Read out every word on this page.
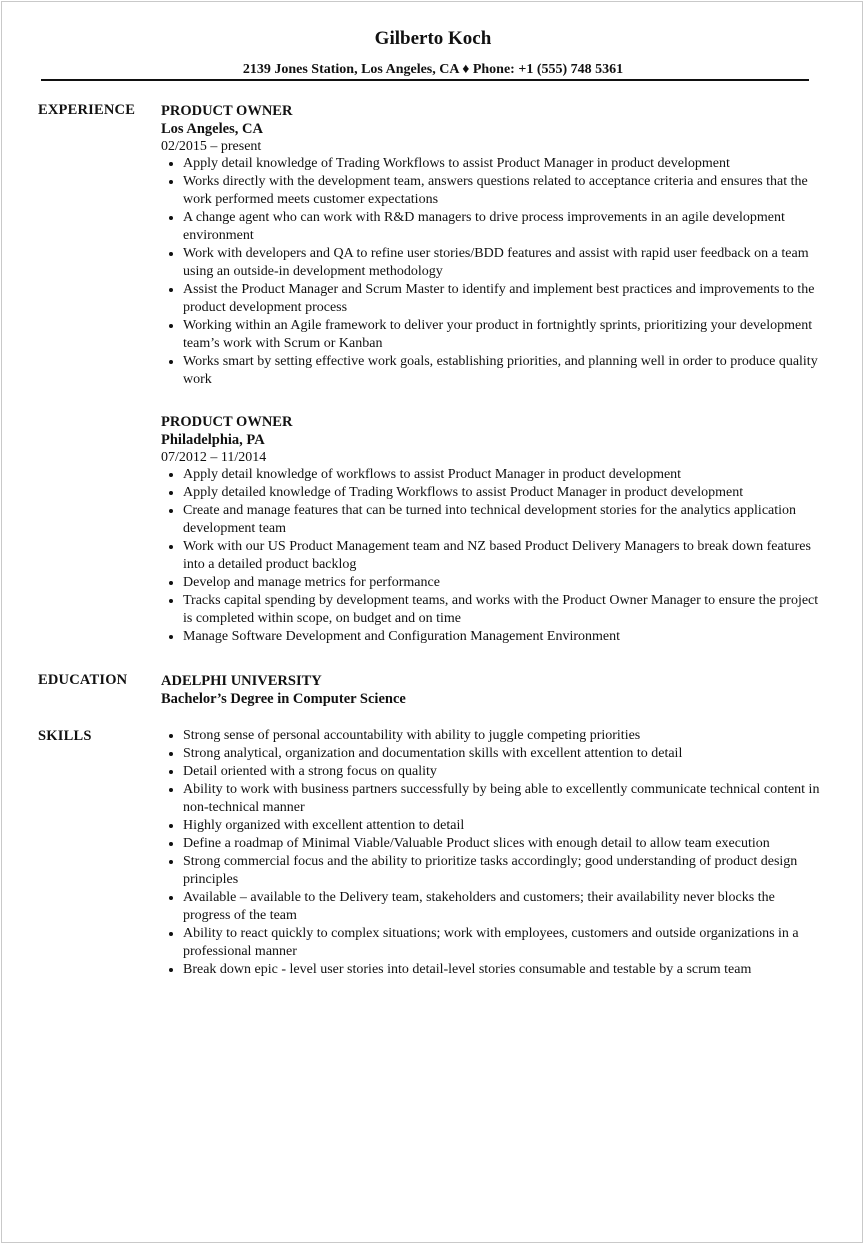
Gilberto Koch
2139 Jones Station, Los Angeles, CA ♦ Phone: +1 (555) 748 5361
EXPERIENCE PRODUCT OWNER
Los Angeles, CA
02/2015 – present
Apply detail knowledge of Trading Workflows to assist Product Manager in product development
Works directly with the development team, answers questions related to acceptance criteria and ensures that the work performed meets customer expectations
A change agent who can work with R&D managers to drive process improvements in an agile development environment
Work with developers and QA to refine user stories/BDD features and assist with rapid user feedback on a team using an outside-in development methodology
Assist the Product Manager and Scrum Master to identify and implement best practices and improvements to the product development process
Working within an Agile framework to deliver your product in fortnightly sprints, prioritizing your development team’s work with Scrum or Kanban
Works smart by setting effective work goals, establishing priorities, and planning well in order to produce quality work
PRODUCT OWNER
Philadelphia, PA
07/2012 – 11/2014
Apply detail knowledge of workflows to assist Product Manager in product development
Apply detailed knowledge of Trading Workflows to assist Product Manager in product development
Create and manage features that can be turned into technical development stories for the analytics application development team
Work with our US Product Management team and NZ based Product Delivery Managers to break down features into a detailed product backlog
Develop and manage metrics for performance
Tracks capital spending by development teams, and works with the Product Owner Manager to ensure the project is completed within scope, on budget and on time
Manage Software Development and Configuration Management Environment
EDUCATION ADELPHI UNIVERSITY
Bachelor’s Degree in Computer Science
SKILLS	Strong sense of personal accountability with ability to juggle competing priorities
Strong analytical, organization and documentation skills with excellent attention to detail
Detail oriented with a strong focus on quality
Ability to work with business partners successfully by being able to excellently communicate technical content in non-technical manner
Highly organized with excellent attention to detail
Define a roadmap of Minimal Viable/Valuable Product slices with enough detail to allow team execution
Strong commercial focus and the ability to prioritize tasks accordingly; good understanding of product design principles
Available – available to the Delivery team, stakeholders and customers; their availability never blocks the progress of the team
Ability to react quickly to complex situations; work with employees, customers and outside organizations in a professional manner
Break down epic - level user stories into detail-level stories consumable and testable by a scrum team
